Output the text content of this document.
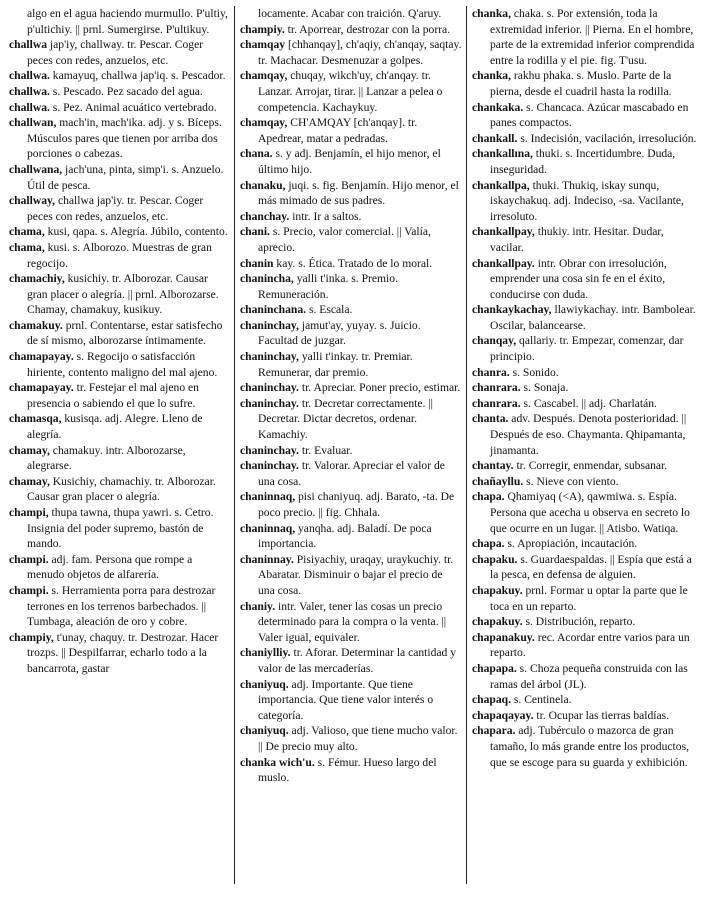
algo en el agua haciendo murmullo. P'ultiy, p'ultichiy. || prnl. Sumergirse. P'ultikuy.

challwa jap'iy, challway. tr. Pescar. Coger peces con redes, anzuelos, etc.

challwa. kamayuq, challwa jap'iq. s. Pescador.

challwa. s. Pescado. Pez sacado del agua.

challwa. s. Pez. Animal acuático vertebrado.

challwan, mach'in, mach'ika. adj. y s. Bíceps. Músculos pares que tienen por arriba dos porciones o cabezas.

challwana, jach'una, pinta, simp'i. s. Anzuelo. Útil de pesca.

challway, challwa jap'iy. tr. Pescar. Coger peces con redes, anzuelos, etc.

chama, kusi, qapa. s. Alegría. Júbilo, contento.

chama, kusi. s. Alborozo. Muestras de gran regocijo.

chamachiy, kusichiy. tr. Alborozar. Causar gran placer o alegría. || prnl. Alborozarse. Chamay, chamakuy, kusikuy.

chamakuy. prnl. Contentarse, estar satisfecho de sí mismo, alborozarse íntimamente.

chamapayay. s. Regocijo o satisfacción hiriente, contento maligno del mal ajeno.

chamapayay. tr. Festejar el mal ajeno en presencia o sabiendo el que lo sufre.

chamasqa, kusisqa. adj. Alegre. Lleno de alegría.

chamay, chamakuy. intr. Alborozarse, alegrarse.

chamay, Kusichiy, chamachiy. tr. Alborozar. Causar gran placer o alegría.

champi, thupa tawna, thupa yawri. s. Cetro. Insignia del poder supremo, bastón de mando.

champi. adj. fam. Persona que rompe a menudo objetos de alfarería.

champi. s. Herramienta porra para destrozar terrones en los terrenos barbechados. || Tumbaga, aleación de oro y cobre.

champiy, t'unay, chaquy. tr. Destrozar. Hacer trozps. || Despilfarrar, echarlo todo a la bancarrota, gastar

locamente. Acabar con traición. Q'aruy.

champiy. tr. Aporrear, destrozar con la porra.

chamqay [chhanqay], ch'aqiy, ch'anqay, saqtay. tr. Machacar. Desmenuzar a golpes.

chamqay, chuqay, wikch'uy, ch'anqay. tr. Lanzar. Arrojar, tirar. || Lanzar a pelea o competencia. Kachaykuy.

chamqay, CH'AMQAY [ch'anqay]. tr. Apedrear, matar a pedradas.

chana. s. y adj. Benjamín, el hijo menor, el último hijo.

chanaku, juqi. s. fig. Benjamín. Hijo menor, el más mimado de sus padres.

chanchay. intr. Ir a saltos.

chani. s. Precio, valor comercial. || Valía, aprecio.

chanin kay. s. Ética. Tratado de lo moral.

chanincha, yalli t'inka. s. Premio. Remuneración.

chaninchana. s. Escala.

chaninchay, jamut'ay, yuyay. s. Juicio. Facultad de juzgar.

chaninchay, yalli t'inkay. tr. Premiar. Remunerar, dar premio.

chaninchay. tr. Apreciar. Poner precio, estimar.

chaninchay. tr. Decretar correctamente. || Decretar. Dictar decretos, ordenar. Kamachiy.

chaninchay. tr. Evaluar.

chaninchay. tr. Valorar. Apreciar el valor de una cosa.

chaninnaq, pisi chaniyuq. adj. Barato, -ta. De poco precio. || fig. Chhala.

chaninnaq, yanqha. adj. Baladí. De poca importancia.

chaninnay. Pisiyachiy, uraqay, uraykuchiy. tr. Abaratar. Disminuir o bajar el precio de una cosa.

chaniy. intr. Valer, tener las cosas un precio determinado para la compra o la venta. || Valer igual, equivaler.

chaniylliy. tr. Aforar. Determinar la cantidad y valor de las mercaderías.

chaniyuq. adj. Importante. Que tiene importancia. Que tiene valor interés o categoría.

chaniyuq. adj. Valioso, que tiene mucho valor. || De precio muy alto.

chanka wich'u. s. Fémur. Hueso largo del muslo.

chanka, chaka. s. Por extensión, toda la extremidad inferior. || Pierna. En el hombre, parte de la extremidad inferior comprendida entre la rodilla y el pie. fig. T'usu.

chanka, rakhu phaka. s. Muslo. Parte de la pierna, desde el cuadril hasta la rodilla.

chankaka. s. Chancaca. Azúcar mascabado en panes compactos.

chankall. s. Indecisión, vacilación, irresolución.

chankallına, thuki. s. Incertidumbre. Duda, inseguridad.

chankallpa, thuki. Thukiq, iskay sunqu, iskaychakuq. adj. Indeciso, -sa. Vacilante, irresoluto.

chankallpay, thukiy. intr. Hesitar. Dudar, vacilar.

chankallpay. intr. Obrar con irresolución, emprender una cosa sin fe en el éxito, conducirse con duda.

chankaykachay, llawiykachay. intr. Bambolear. Oscilar, balancearse.

chanqay, qallariy. tr. Empezar, comenzar, dar principio.

chanra. s. Sonido.

chanrara. s. Sonaja.

chanrara. s. Cascabel. || adj. Charlatán.

chanta. adv. Después. Denota posterioridad. || Después de eso. Chaymanta. Qhipamanta, jinamanta.

chantay. tr. Corregir, enmendar, subsanar.

chañayllu. s. Nieve con viento.

chapa. Qhamiyaq (<A), qawmiwa. s. Espía. Persona que acecha u observa en secreto lo que ocurre en un lugar. || Atisbo. Watiqa.

chapa. s. Apropiación, incautación.

chapaku. s. Guardaespaldas. || Espía que está a la pesca, en defensa de alguien.

chapakuy. prnl. Formar u optar la parte que le toca en un reparto.

chapakuy. s. Distribución, reparto.

chapanakuy. rec. Acordar entre varios para un reparto.

chapapa. s. Choza pequeña construida con las ramas del árbol (JL).

chapaq. s. Centinela.

chapaqayay. tr. Ocupar las tierras baldías.

chapara. adj. Tubérculo o mazorca de gran tamaño, lo más grande entre los productos, que se escoge para su guarda y exhibición.
